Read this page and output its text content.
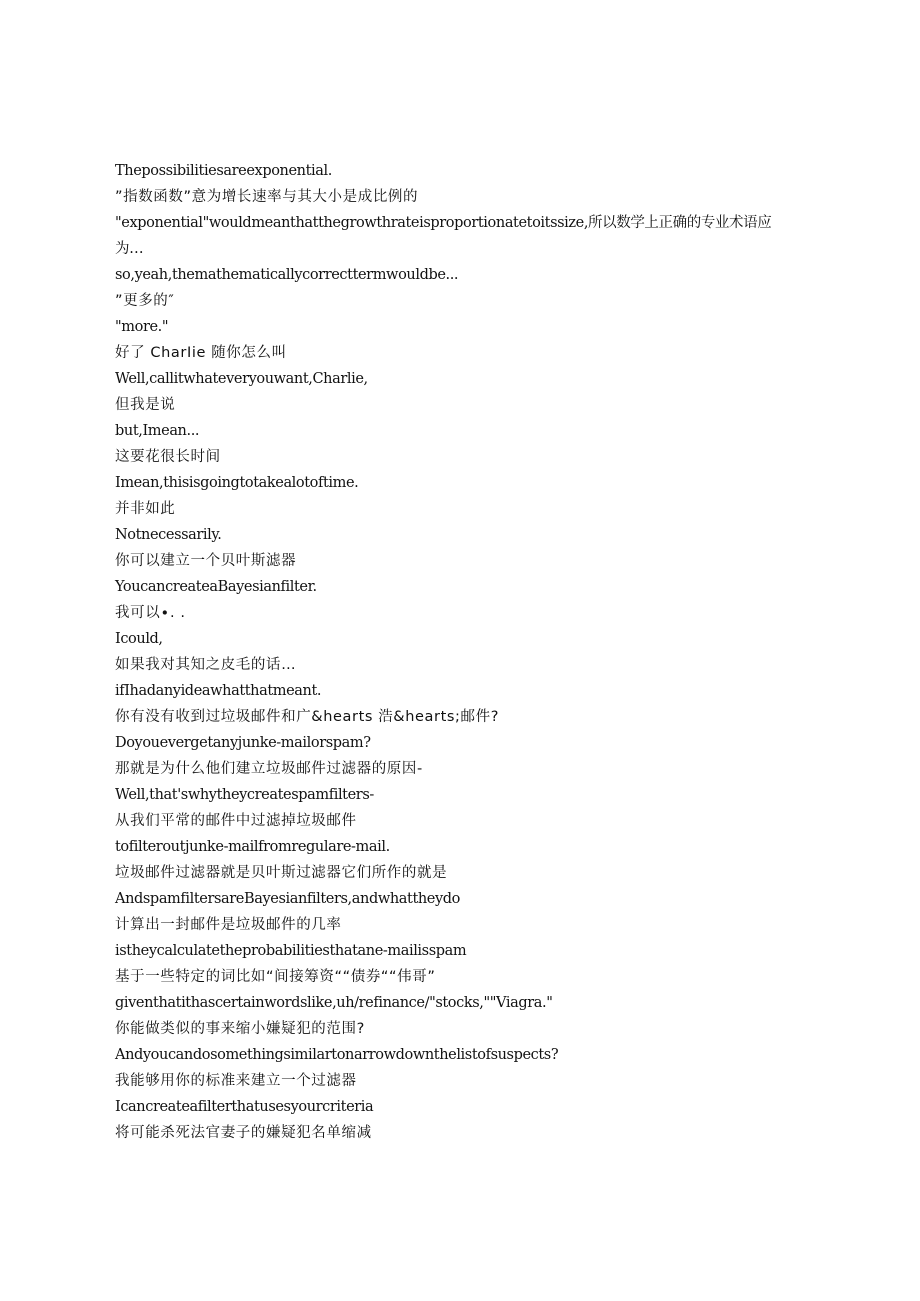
Thepossibilitiesareexponential.

”指数函数”意为增长速率与其大小是成比例的

"exponential"wouldmeanthatthegrowthrateisproportionatetoitssize,所以数学上正确的专业术语应为…

so,yeah,themathematicallycorrecttermwouldbe...

”更多的″

"more."

好了 CharIie 随你怎么叫

Well,callitwhateveryouwant,Charlie,

但我是说

but,Imean...

这要花很长时间

Imean,thisisgoingtotakealotoftime.

并非如此

Notnecessarily.

你可以建立一个贝叶斯滤器

YoucancreateaBayesianfilter.

我可以∙. .

Icould,

如果我对其知之皮毛的话…

ifIhadanyideawhatthatmeant.

你有没有收到过垃圾邮件和广&hearts 浩&hearts;邮件?

Doyouevergetanyjunke-mailorspam?

那就是为什么他们建立垃圾邮件过滤器的原因-

Well,that'swhytheycreatespamfilters-

从我们平常的邮件中过滤掉垃圾邮件

tofilteroutjunke-mailfromregulare-mail.

垃圾邮件过滤器就是贝叶斯过滤器它们所作的就是

AndspamfiltersareBayesianfilters,andwhattheydo

计算出一封邮件是垃圾邮件的几率

istheycalculatetheprobabilitiesthatane-mailisspam

基于一些特定的词比如“间接筹资““债券““伟哥”

giventhatithascertainwordslike,uh∕refinance∕"stocks,""Viagra."

你能做类似的事来缩小嫌疑犯的范围?

Andyoucandosomethingsimilartonarrowdownthelistofsuspects?

我能够用你的标准来建立一个过滤器

Icancreateafilterthatusesyourcriteria

将可能杀死法官妻子的嫌疑犯名单缩减
